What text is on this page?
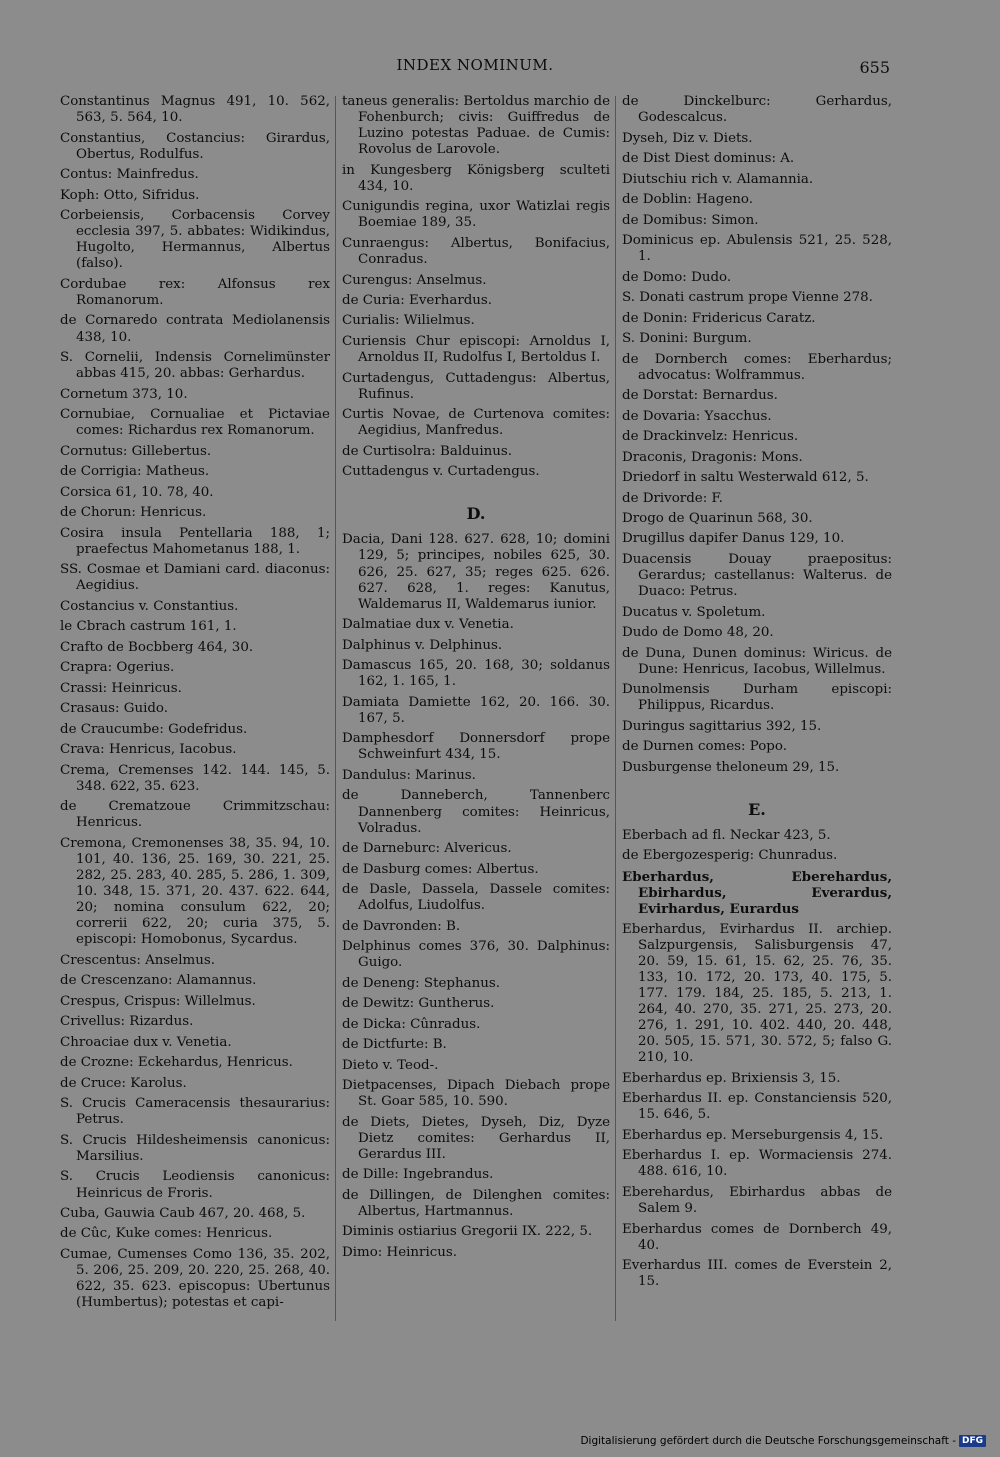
INDEX NOMINUM.	655
Constantinus Magnus 491, 10. 562, 563, 5. 564, 10.
Constantius, Costancius: Girardus, Obertus, Rodulfus.
Contus: Mainfredus.
Koph: Otto, Sifridus.
Corbeiensis, Corbacensis Corvey ecclesia 397, 5. abbates: Widikindus, Hugolto, Hermannus, Albertus (falso).
Cordubae rex: Alfonsus rex Romanorum.
de Cornaredo contrata Mediolanensis 438, 10.
S. Cornelii, Indensis Cornelimünster abbas 415, 20. abbas: Gerhardus.
Cornetum 373, 10.
Cornubiae, Cornualiae et Pictaviae comes: Richardus rex Romanorum.
Cornutus: Gillebertus.
de Corrigia: Matheus.
Corsica 61, 10. 78, 40.
de Chorun: Henricus.
Cosira insula Pentellaria 188, 1; praefectus Mahometanus 188, 1.
SS. Cosmae et Damiani card. diaconus: Aegidius.
Costancius v. Constantius.
le Cbrach castrum 161, 1.
Crafto de Bocbberg 464, 30.
Crapra: Ogerius.
Crassi: Heinricus.
Crasaus: Guido.
de Craucumbe: Godefridus.
Crava: Henricus, Iacobus.
Crema, Cremenses 142. 144. 145, 5. 348. 622, 35. 623.
de Crematzoue Crimmitzschau: Henricus.
Cremona, Cremonenses 38, 35. 94, 10. 101, 40. 136, 25. 169, 30. 221, 25. 282, 25. 283, 40. 285, 5. 286, 1. 309, 10. 348, 15. 371, 20. 437. 622. 644, 20; nomina consulum 622, 20; correrii 622, 20; curia 375, 5. episcopi: Homobonus, Sycardus.
Crescentus: Anselmus.
de Crescenzano: Alamannus.
Crespus, Crispus: Willelmus.
Crivellus: Rizardus.
Chroaciae dux v. Venetia.
de Crozne: Eckehardus, Henricus.
de Cruce: Karolus.
S. Crucis Cameracensis thesaurarius: Petrus.
S. Crucis Hildesheimensis canonicus: Marsilius.
S. Crucis Leodiensis canonicus: Heinricus de Froris.
Cuba, Gauwia Caub 467, 20. 468, 5.
de Cûc, Kuke comes: Henricus.
Cumae, Cumenses Como 136, 35. 202, 5. 206, 25. 209, 20. 220, 25. 268, 40. 622, 35. 623. episcopus: Ubertunus (Humbertus); potestas et capi-
taneus generalis: Bertoldus marchio de Fohenburch; civis: Guiffredus de Luzino potestas Paduae. de Cumis: Rovolus de Larovole.
in Kungesberg Königsberg sculteti 434, 10.
Cunigundis regina, uxor Watizlai regis Boemiae 189, 35.
Cunraengus: Albertus, Bonifacius, Conradus.
Curengus: Anselmus.
de Curia: Everhardus.
Curialis: Wilielmus.
Curiensis Chur episcopi: Arnoldus I, Arnoldus II, Rudolfus I, Bertoldus I.
Curtadengus, Cuttadengus: Albertus, Rufinus.
Curtis Novae, de Curtenova comites: Aegidius, Manfredus.
de Curtisolra: Balduinus.
Cuttadengus v. Curtadengus.
D.
Dacia, Dani 128. 627. 628, 10; domini 129, 5; principes, nobiles 625, 30. 626, 25. 627, 35; reges 625. 626. 627. 628, 1. reges: Kanutus, Waldemarus II, Waldemarus iunior.
Dalmatiae dux v. Venetia.
Dalphinus v. Delphinus.
Damascus 165, 20. 168, 30; soldanus 162, 1. 165, 1.
Damiata Damiette 162, 20. 166. 30. 167, 5.
Damphesdorf Donnersdorf prope Schweinfurt 434, 15.
Dandulus: Marinus.
de Danneberch, Tannenberc Dannenberg comites: Heinricus, Volradus.
de Darneburc: Alvericus.
de Dasburg comes: Albertus.
de Dasle, Dassela, Dassele comites: Adolfus, Liudolfus.
de Davronden: B.
Delphinus comes 376, 30. Dalphinus: Guigo.
de Deneng: Stephanus.
de Dewitz: Guntherus.
de Dicka: Cûnradus.
de Dictfurte: B.
Dieto v. Teod-.
Dietpacenses, Dipach Diebach prope St. Goar 585, 10. 590.
de Diets, Dietes, Dyseh, Diz, Dyze Dietz comites: Gerhardus II, Gerardus III.
de Dille: Ingebrandus.
de Dillingen, de Dilenghen comites: Albertus, Hartmannus.
Diminis ostiarius Gregorii IX. 222, 5.
Dimo: Heinricus.
de Dinckelburc: Gerhardus, Godescalcus.
Dyseh, Diz v. Diets.
de Dist Diest dominus: A.
Diutschiu rich v. Alamannia.
de Doblin: Hageno.
de Domibus: Simon.
Dominicus ep. Abulensis 521, 25. 528, 1.
de Domo: Dudo.
S. Donati castrum prope Vienne 278.
de Donin: Fridericus Caratz.
S. Donini: Burgum.
de Dornberch comes: Eberhardus; advocatus: Wolframmus.
de Dorstat: Bernardus.
de Dovaria: Ysacchus.
de Drackinvelz: Henricus.
Draconis, Dragonis: Mons.
Driedorf in saltu Westerwald 612, 5.
de Drivorde: F.
Drogo de Quarinun 568, 30.
Drugillus dapifer Danus 129, 10.
Duacensis Douay praepositus: Gerardus; castellanus: Walterus. de Duaco: Petrus.
Ducatus v. Spoletum.
Dudo de Domo 48, 20.
de Duna, Dunen dominus: Wiricus. de Dune: Henricus, Iacobus, Willelmus.
Dunolmensis Durham episcopi: Philippus, Ricardus.
Duringus sagittarius 392, 15.
de Durnen comes: Popo.
Dusburgense theloneum 29, 15.
E.
Eberbach ad fl. Neckar 423, 5.
de Ebergozesperig: Chunradus.
Eberhardus, Eberehardus, Ebirhardus, Everardus, Evirhardus, Eurardus
Eberhardus, Evirhardus II. archiep. Salzpurgensis, Salisburgensis 47, 20. 59, 15. 61, 15. 62, 25. 76, 35. 133, 10. 172, 20. 173, 40. 175, 5. 177. 179. 184, 25. 185, 5. 213, 1. 264, 40. 270, 35. 271, 25. 273, 20. 276, 1. 291, 10. 402. 440, 20. 448, 20. 505, 15. 571, 30. 572, 5; falso G. 210, 10.
Eberhardus ep. Brixiensis 3, 15.
Eberhardus II. ep. Constanciensis 520, 15. 646, 5.
Eberhardus ep. Merseburgensis 4, 15.
Eberhardus I. ep. Wormaciensis 274. 488. 616, 10.
Eberehardus, Ebirhardus abbas de Salem 9.
Eberhardus comes de Dornberch 49, 40.
Everhardus III. comes de Everstein 2, 15.
Digitalisierung gefördert durch die Deutsche Forschungsgemeinschaft - DFG
